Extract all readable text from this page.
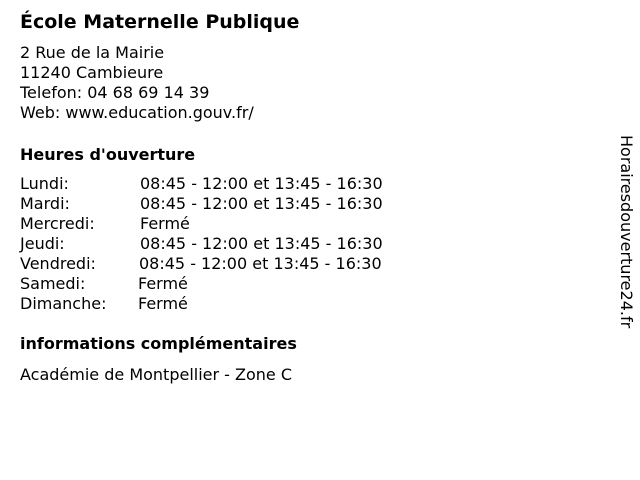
École Maternelle Publique
2 Rue de la Mairie
11240 Cambieure
Telefon: 04 68 69 14 39
Web: www.education.gouv.fr/
Heures d'ouverture
Lundi:	08:45 - 12:00 et 13:45 - 16:30
Mardi:	08:45 - 12:00 et 13:45 - 16:30
Mercredi:	Fermé
Jeudi:	08:45 - 12:00 et 13:45 - 16:30
Vendredi:	08:45 - 12:00 et 13:45 - 16:30
Samedi:	Fermé
Dimanche: Fermé
informations complémentaires
Académie de Montpellier - Zone C
Horairesdouverture24.fr
